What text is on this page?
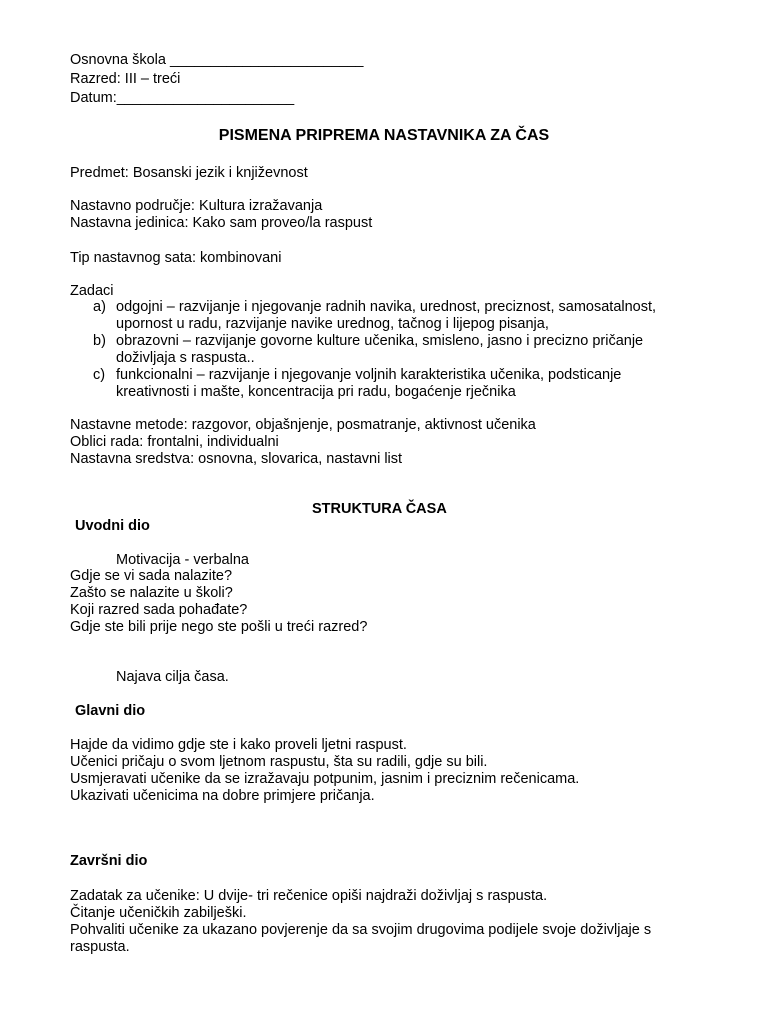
Osnovna škola ________________________
Razred: III – treći
Datum:______________________
PISMENA PRIPREMA NASTAVNIKA ZA ČAS
Predmet: Bosanski jezik i književnost
Nastavno područje: Kultura izražavanja
Nastavna jedinica: Kako sam proveo/la raspust
Tip nastavnog sata: kombinovani
Zadaci
a) odgojni – razvijanje i njegovanje radnih navika, urednost, preciznost, samosatalnost,
upornost u radu, razvijanje navike urednog, tačnog i lijepog pisanja,
b) obrazovni – razvijanje govorne kulture učenika, smisleno, jasno i precizno pričanje
doživljaja s raspusta..
c) funkcionalni – razvijanje i njegovanje voljnih karakteristika učenika, podsticanje
kreativnosti i mašte, koncentracija pri radu, bogaćenje rječnika
Nastavne metode: razgovor, objašnjenje, posmatranje, aktivnost učenika
Oblici rada: frontalni, individualni
Nastavna sredstva: osnovna, slovarica, nastavni list
STRUKTURA ČASA
Uvodni dio
Motivacija - verbalna
Gdje se vi sada nalazite?
Zašto se nalazite u školi?
Koji razred sada pohađate?
Gdje ste bili prije nego ste pošli u treći razred?
Najava cilja časa.
Glavni dio
Hajde da vidimo gdje ste i kako proveli ljetni raspust.
Učenici pričaju o svom ljetnom raspustu, šta su radili, gdje su bili.
Usmjeravati učenike da se izražavaju potpunim, jasnim i preciznim rečenicama.
Ukazivati učenicima na dobre primjere pričanja.
Završni dio
Zadatak za učenike: U dvije- tri rečenice opiši najdraži doživljaj s raspusta.
Čitanje učeničkih zabilješki.
Pohvaliti učenike za ukazano povjerenje da sa svojim drugovima podijele svoje doživljaje s
raspusta.
